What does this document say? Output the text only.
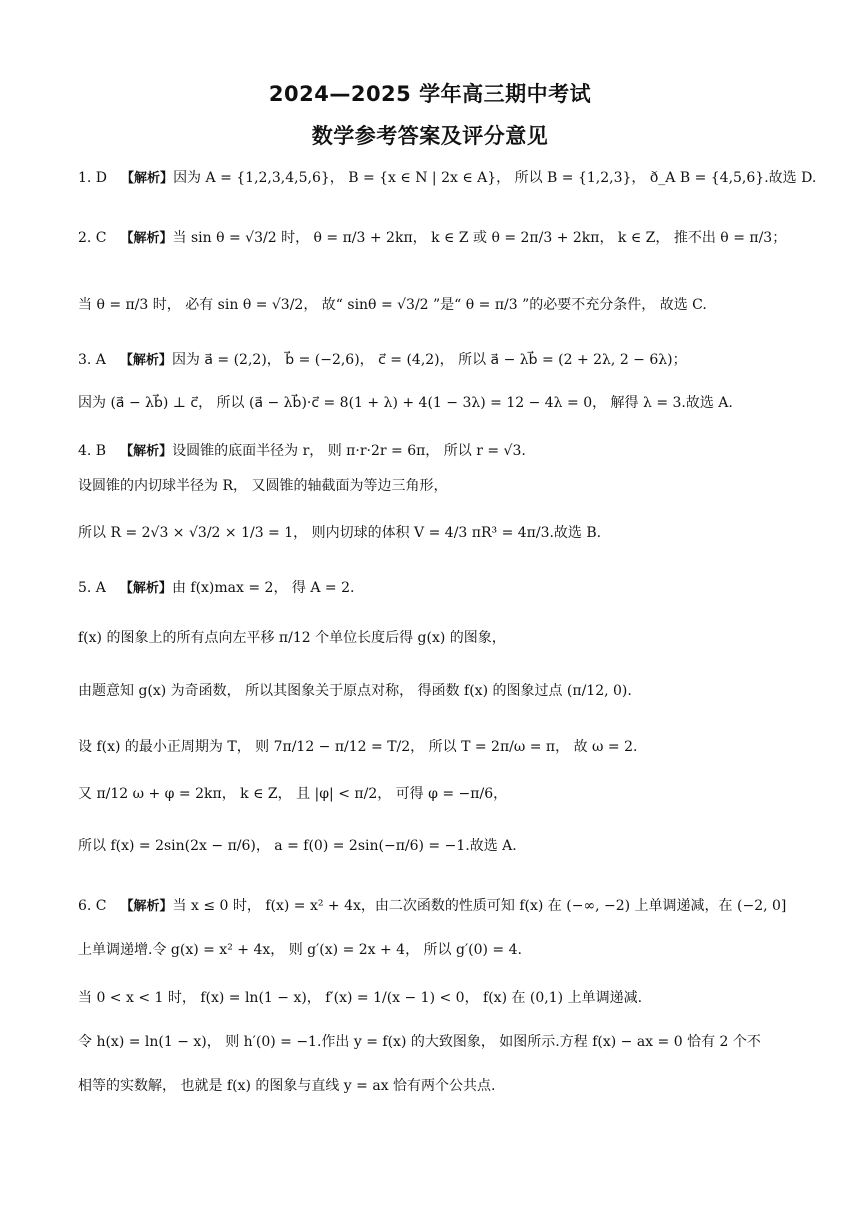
2024—2025 学年高三期中考试
数学参考答案及评分意见
1. D 【解析】因为 A = {1,2,3,4,5,6}， B = {x ∈ N | 2x ∈ A}， 所以 B = {1,2,3}， ð_A B = {4,5,6}.故选 D.
2. C 【解析】当 sin θ = √3/2 时， θ = π/3 + 2kπ， k ∈ Z 或 θ = 2π/3 + 2kπ， k ∈ Z， 推不出 θ = π/3；
当 θ = π/3 时， 必有 sin θ = √3/2， 故“ sinθ = √3/2 ”是“ θ = π/3 ”的必要不充分条件， 故选 C.
3. A 【解析】因为 a⃗ = (2,2)， b⃗ = (−2,6)， c⃗ = (4,2)， 所以 a⃗ − λb⃗ = (2 + 2λ, 2 − 6λ)；
因为 (a⃗ − λb⃗) ⊥ c⃗， 所以 (a⃗ − λb⃗)·c⃗ = 8(1 + λ) + 4(1 − 3λ) = 12 − 4λ = 0， 解得 λ = 3.故选 A.
4. B 【解析】设圆锥的底面半径为 r， 则 π·r·2r = 6π， 所以 r = √3.
设圆锥的内切球半径为 R， 又圆锥的轴截面为等边三角形，
所以 R = 2√3 × √3/2 × 1/3 = 1， 则内切球的体积 V = 4/3 πR³ = 4π/3.故选 B.
5. A 【解析】由 f(x)max = 2， 得 A = 2.
f(x) 的图象上的所有点向左平移 π/12 个单位长度后得 g(x) 的图象，
由题意知 g(x) 为奇函数， 所以其图象关于原点对称， 得函数 f(x) 的图象过点 (π/12, 0).
设 f(x) 的最小正周期为 T， 则 7π/12 − π/12 = T/2， 所以 T = 2π/ω = π， 故 ω = 2.
又 π/12 ω + φ = 2kπ， k ∈ Z， 且 |φ| < π/2， 可得 φ = −π/6，
所以 f(x) = 2sin(2x − π/6)， a = f(0) = 2sin(−π/6) = −1.故选 A.
6. C 【解析】当 x ≤ 0 时， f(x) = x² + 4x，由二次函数的性质可知 f(x) 在 (−∞, −2) 上单调递减，在 (−2, 0]
上单调递增.令 g(x) = x² + 4x， 则 g′(x) = 2x + 4， 所以 g′(0) = 4.
当 0 < x < 1 时， f(x) = ln(1 − x)， f′(x) = 1/(x − 1) < 0， f(x) 在 (0,1) 上单调递减.
令 h(x) = ln(1 − x)， 则 h′(0) = −1.作出 y = f(x) 的大致图象， 如图所示.方程 f(x) − ax = 0 恰有 2 个不
相等的实数解， 也就是 f(x) 的图象与直线 y = ax 恰有两个公共点.
